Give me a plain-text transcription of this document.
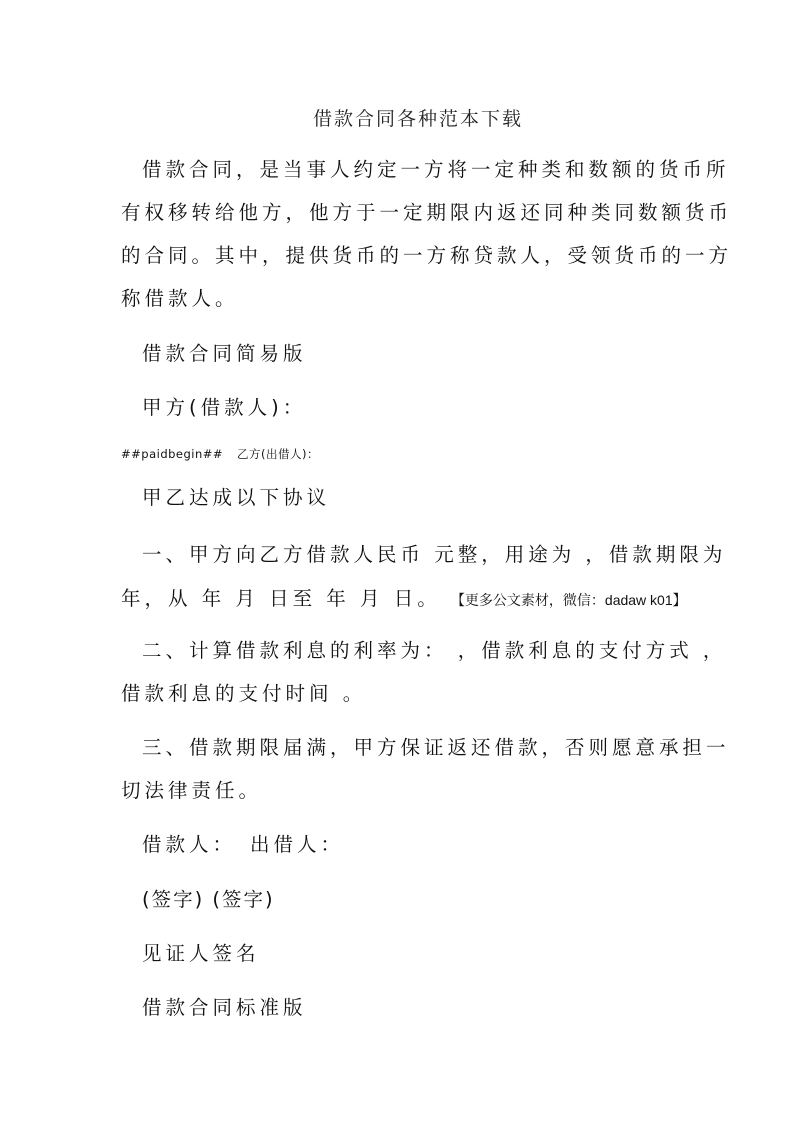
借款合同各种范本下载

借款合同，是当事人约定一方将一定种类和数额的货币所

有权移转给他方，他方于一定期限内返还同种类同数额货币

的合同。其中，提供货币的一方称贷款人，受领货币的一方

称借款人。

借款合同简易版

甲方(借款人)：

##paidbegin## 乙方(出借人)：

甲乙达成以下协议

一、甲方向乙方借款人民币 元整，用途为 ，借款期限为

年，从 年 月 日至 年 月 日。 【更多公文素材，微信：dadaw k01】

二、计算借款利息的利率为： ，借款利息的支付方式 ，

借款利息的支付时间 。

三、借款期限届满，甲方保证返还借款，否则愿意承担一

切法律责任。

借款人： 出借人：

(签字) (签字)

见证人签名

借款合同标准版
